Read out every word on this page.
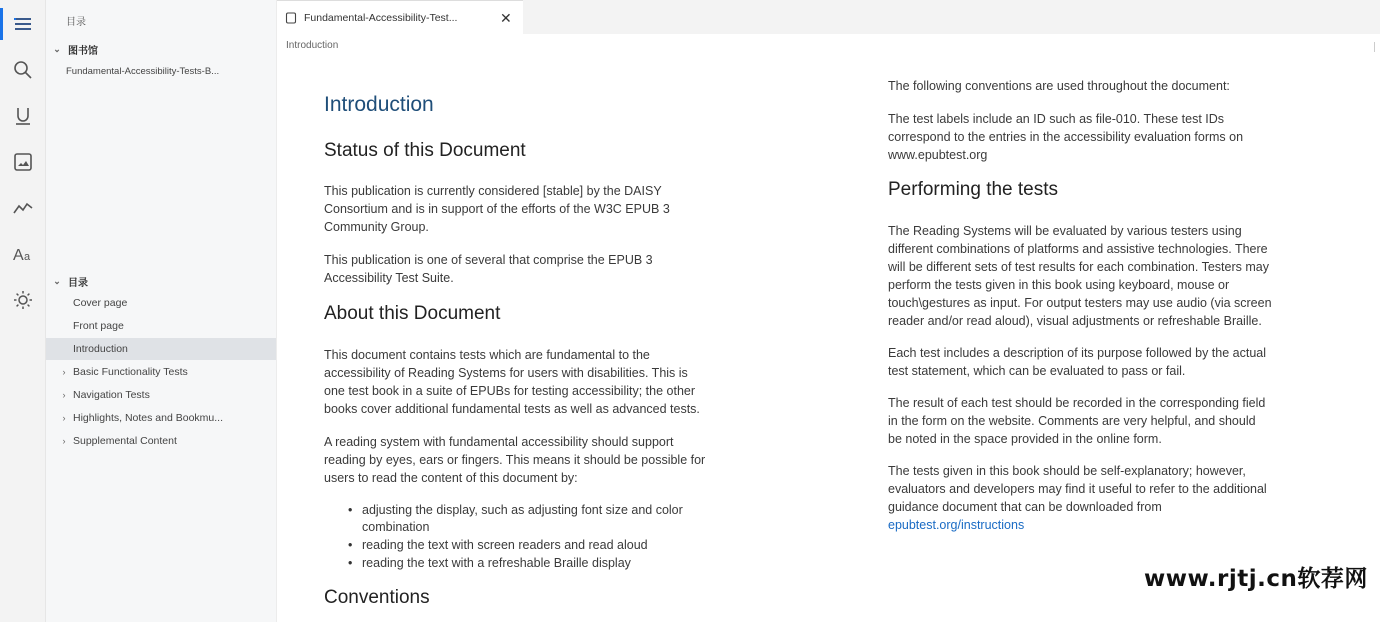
A a
目录
⌄ 图书馆
Fundamental-Accessibility-Tests-B...
⌄ 目录
Cover page
Front page
Introduction
› Basic Functionality Tests
› Navigation Tests
› Highlights, Notes and Bookmu...
› Supplemental Content
Fundamental-Accessibility-Test...	✕
Introduction
Introduction
Status of this Document

This publication is currently considered [stable] by the DAISY

Consortium and is in support of the efforts of the W3C EPUB 3

Community Group.

This publication is one of several that comprise the EPUB 3

Accessibility Test Suite.

About this Document

This document contains tests which are fundamental to the

accessibility of Reading Systems for users with disabilities. This is

one test book in a suite of EPUBs for testing accessibility; the other

books cover additional fundamental tests as well as advanced tests.

A reading system with fundamental accessibility should support

reading by eyes, ears or fingers. This means it should be possible for

users to read the content of this document by:

• adjusting the display, such as adjusting font size and color

combination

• reading the text with screen readers and read aloud
• reading the text with a refreshable Braille display
Conventions

The following conventions are used throughout the document:

The test labels include an ID such as file-010. These test IDs

correspond to the entries in the accessibility evaluation forms on

www.epubtest.org

Performing the tests

The Reading Systems will be evaluated by various testers using

different combinations of platforms and assistive technologies. There

will be different sets of test results for each combination. Testers may

perform the tests given in this book using keyboard, mouse or

touch\gestures as input. For output testers may use audio (via screen

reader and/or read aloud), visual adjustments or refreshable Braille.

Each test includes a description of its purpose followed by the actual

test statement, which can be evaluated to pass or fail.

The result of each test should be recorded in the corresponding field

in the form on the website. Comments are very helpful, and should

be noted in the space provided in the online form.

The tests given in this book should be self-explanatory; however,

evaluators and developers may find it useful to refer to the additional

guidance document that can be downloaded from

epubtest.org/instructions

www.rjtj.cn软荐网
